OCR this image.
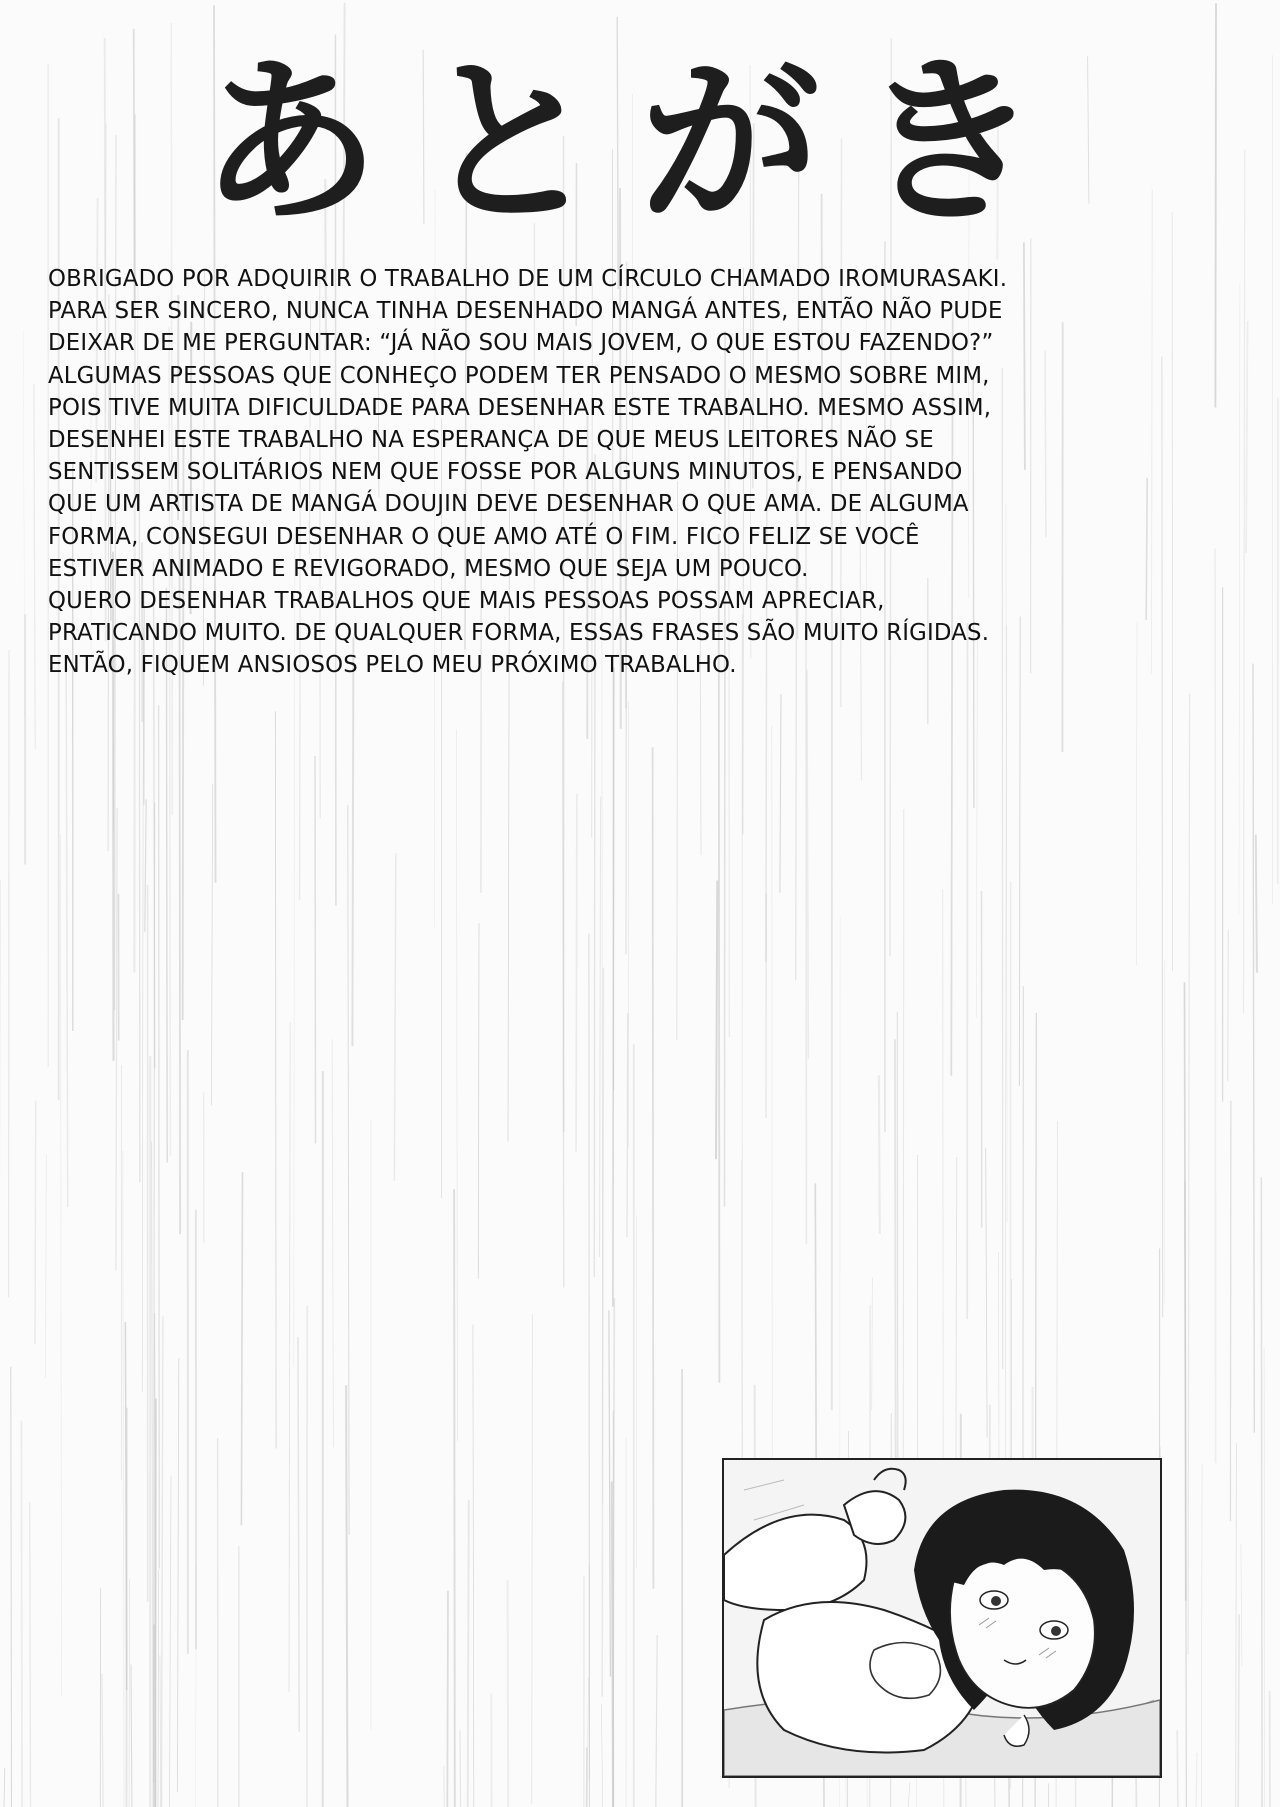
あとがき
OBRIGADO POR ADQUIRIR O TRABALHO DE UM CÍRCULO CHAMADO IROMURASAKI.
PARA SER SINCERO, NUNCA TINHA DESENHADO MANGÁ ANTES, ENTÃO NÃO PUDE
DEIXAR DE ME PERGUNTAR: “JÁ NÃO SOU MAIS JOVEM, O QUE ESTOU FAZENDO?”
ALGUMAS PESSOAS QUE CONHEÇO PODEM TER PENSADO O MESMO SOBRE MIM,
POIS TIVE MUITA DIFICULDADE PARA DESENHAR ESTE TRABALHO. MESMO ASSIM,
DESENHEI ESTE TRABALHO NA ESPERANÇA DE QUE MEUS LEITORES NÃO SE
SENTISSEM SOLITÁRIOS NEM QUE FOSSE POR ALGUNS MINUTOS, E PENSANDO
QUE UM ARTISTA DE MANGÁ DOUJIN DEVE DESENHAR O QUE AMA. DE ALGUMA
FORMA, CONSEGUI DESENHAR O QUE AMO ATÉ O FIM. FICO FELIZ SE VOCÊ
ESTIVER ANIMADO E REVIGORADO, MESMO QUE SEJA UM POUCO.
QUERO DESENHAR TRABALHOS QUE MAIS PESSOAS POSSAM APRECIAR,
PRATICANDO MUITO. DE QUALQUER FORMA, ESSAS FRASES SÃO MUITO RÍGIDAS.
ENTÃO, FIQUEM ANSIOSOS PELO MEU PRÓXIMO TRABALHO.
